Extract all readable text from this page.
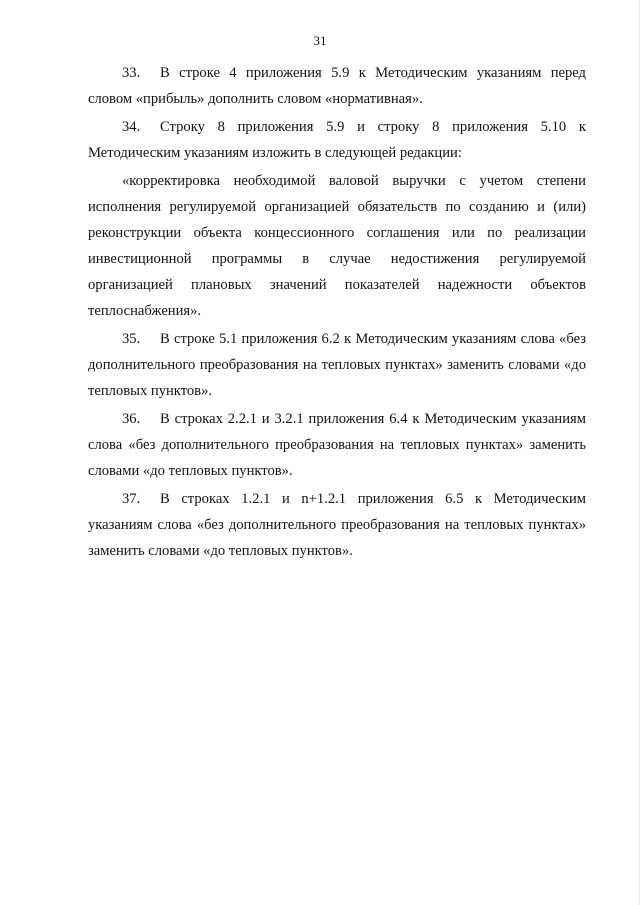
31

33. В строке 4 приложения 5.9 к Методическим указаниям перед словом «прибыль» дополнить словом «нормативная».

34. Строку 8 приложения 5.9 и строку 8 приложения 5.10 к Методическим указаниям изложить в следующей редакции:

«корректировка необходимой валовой выручки с учетом степени исполнения регулируемой организацией обязательств по созданию и (или) реконструкции объекта концессионного соглашения или по реализации инвестиционной программы в случае недостижения регулируемой организацией плановых значений показателей надежности объектов теплоснабжения».

35. В строке 5.1 приложения 6.2 к Методическим указаниям слова «без дополнительного преобразования на тепловых пунктах» заменить словами «до тепловых пунктов».

36. В строках 2.2.1 и 3.2.1 приложения 6.4 к Методическим указаниям слова «без дополнительного преобразования на тепловых пунктах» заменить словами «до тепловых пунктов».

37. В строках 1.2.1 и n+1.2.1 приложения 6.5 к Методическим указаниям слова «без дополнительного преобразования на тепловых пунктах» заменить словами «до тепловых пунктов».
